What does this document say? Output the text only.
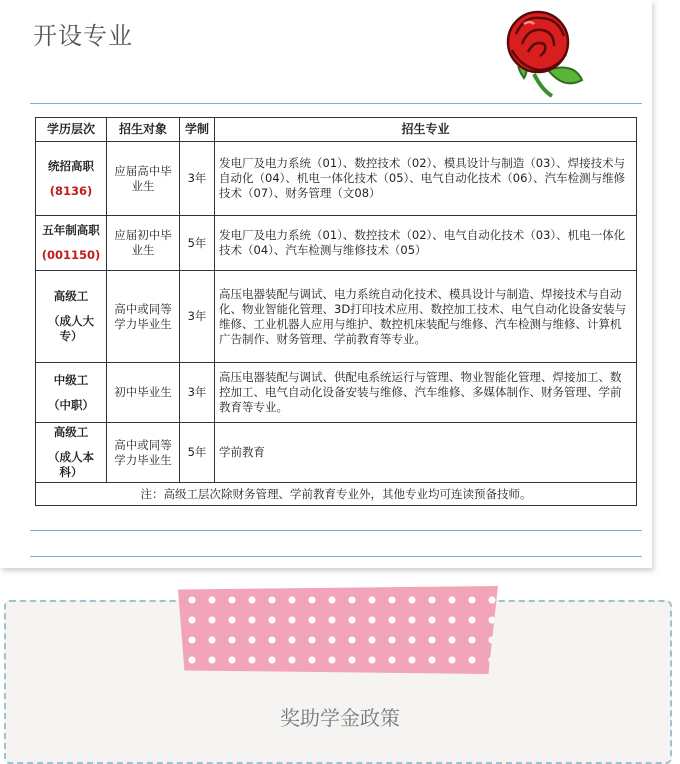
开设专业
学历层次	招生对象	学制	招生专业
统招高职
(8136)	应届高中毕业生	3年	发电厂及电力系统（01）、数控技术（02）、模具设计与制造（03）、焊接技术与自动化（04）、机电一体化技术（05）、电气自动化技术（06）、汽车检测与维修技术（07）、财务管理（文08）
五年制高职
(001150)	应届初中毕业生	5年	发电厂及电力系统（01）、数控技术（02）、电气自动化技术（03）、机电一体化技术（04）、汽车检测与维修技术（05）
高级工
（成人大专）	高中或同等学力毕业生	3年	高压电器装配与调试、电力系统自动化技术、模具设计与制造、焊接技术与自动化、物业智能化管理、3D打印技术应用、数控加工技术、电气自动化设备安装与维修、工业机器人应用与维护、数控机床装配与维修、汽车检测与维修、计算机广告制作、财务管理、学前教育等专业。
中级工
（中职）	初中毕业生	3年	高压电器装配与调试、供配电系统运行与管理、物业智能化管理、焊接加工、数控加工、电气自动化设备安装与维修、汽车维修、多媒体制作、财务管理、学前教育等专业。
高级工
（成人本科）	高中或同等学力毕业生	5年	学前教育
注：高级工层次除财务管理、学前教育专业外，其他专业均可连读预备技师。			
奖助学金政策
